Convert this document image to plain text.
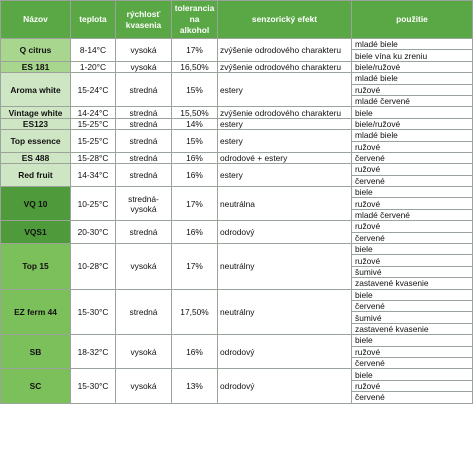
Názov	teplota	rýchlosť kvasenia	tolerancia na alkohol	senzorický efekt	použitie
Q citrus	8-14°C	vysoká	17%	zvýšenie odrodového charakteru	mladé biele
					biele vína ku zreniu
ES 181	1-20°C	vysoká	16,50%	zvýšenie odrodového charakteru	biele/ružové
Aroma white	15-24°C	stredná	15%	estery	mladé biele
					ružové
					mladé červené
Vintage white	14-24°C	stredná	15,50%	zvýšenie odrodového charakteru	biele
ES123	15-25°C	stredná	14%	estery	biele/ružové
Top essence	15-25°C	stredná	15%	estery	mladé biele
					ružové
ES 488	15-28°C	stredná	16%	odrodové + estery	červené
Red fruit	14-34°C	stredná	16%	estery	ružové
					červené
VQ 10	10-25°C	stredná-vysoká	17%	neutrálna	biele
					ružové
					mladé červené
VQS1	20-30°C	stredná	16%	odrodový	ružové
					červené
Top 15	10-28°C	vysoká	17%	neutrálny	biele
					ružové
					šumivé
					zastavené kvasenie
EZ ferm 44	15-30°C	stredná	17,50%	neutrálny	biele
					červené
					šumivé
					zastavené kvasenie
SB	18-32°C	vysoká	16%	odrodový	biele
					ružové
					červené
SC	15-30°C	vysoká	13%	odrodový	biele
					ružové
					červené
